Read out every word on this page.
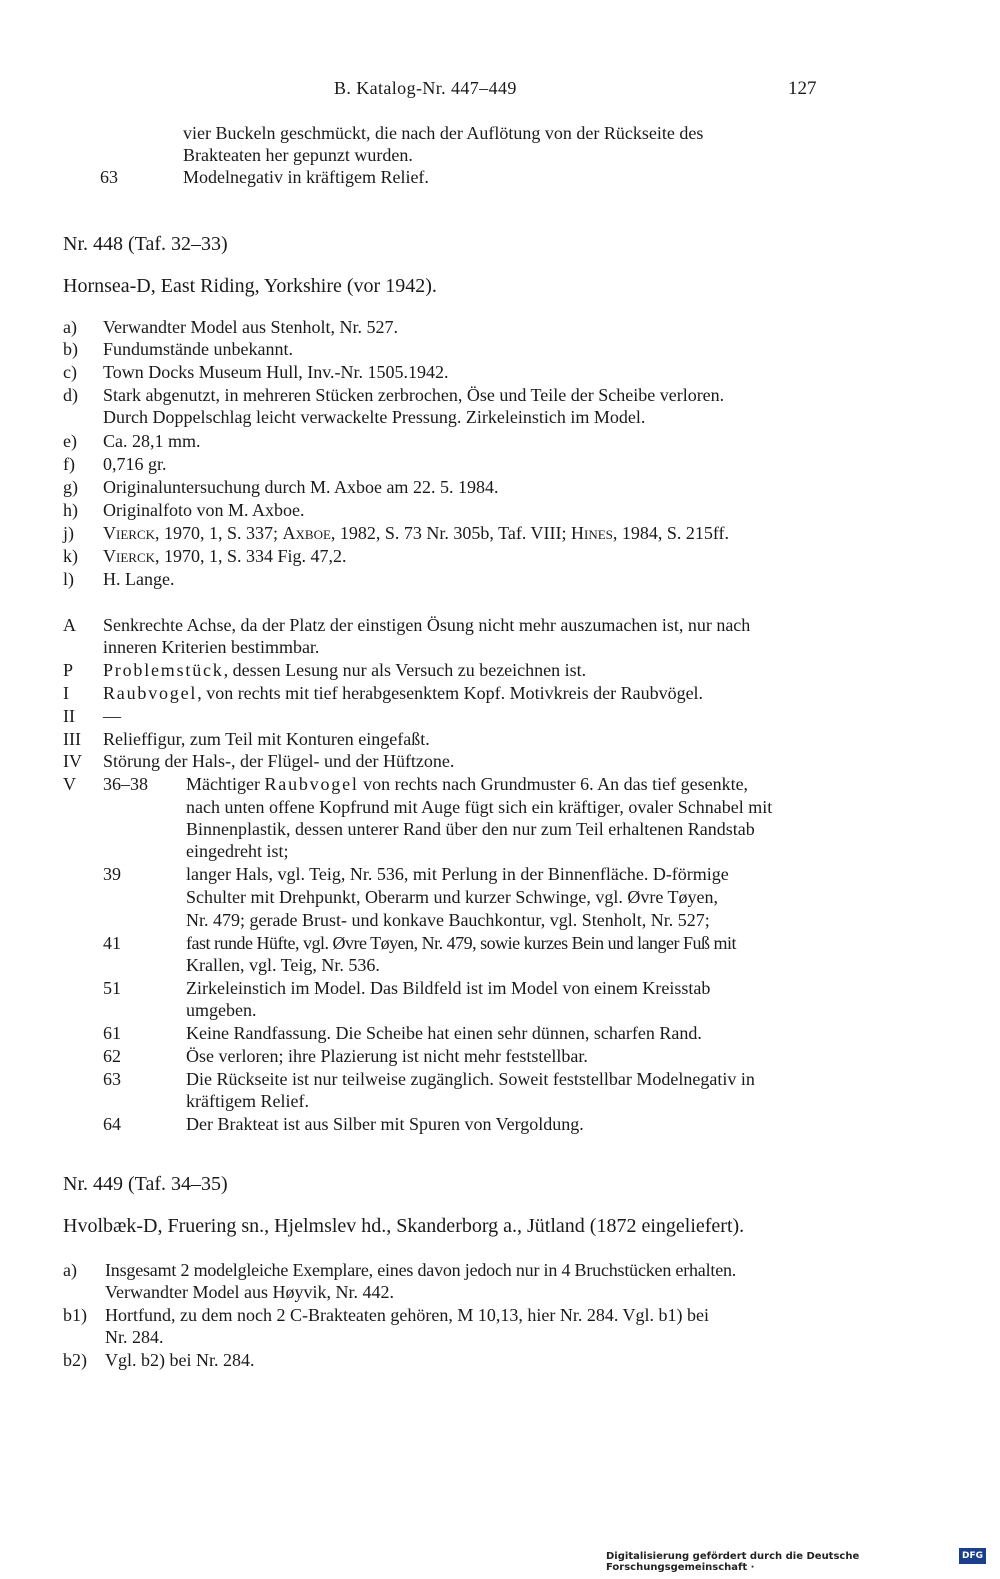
B. Katalog-Nr. 447–449	127
vier Buckeln geschmückt, die nach der Auflötung von der Rückseite des
Brakteaten her gepunzt wurden.
63	Modelnegativ in kräftigem Relief.
Nr. 448 (Taf. 32–33)
Hornsea-D, East Riding, Yorkshire (vor 1942).
a) Verwandter Model aus Stenholt, Nr. 527.
b) Fundumstände unbekannt.
c) Town Docks Museum Hull, Inv.-Nr. 1505.1942.
d) Stark abgenutzt, in mehreren Stücken zerbrochen, Öse und Teile der Scheibe verloren.
Durch Doppelschlag leicht verwackelte Pressung. Zirkeleinstich im Model.
e) Ca. 28,1 mm.
f) 0,716 gr.
g) Originaluntersuchung durch M. Axboe am 22. 5. 1984.
h) Originalfoto von M. Axboe.
j) Vierck, 1970, 1, S. 337; Axboe, 1982, S. 73 Nr. 305b, Taf. VIII; Hines, 1984, S. 215ff.
k) Vierck, 1970, 1, S. 334 Fig. 47,2.
l) H. Lange.
A Senkrechte Achse, da der Platz der einstigen Ösung nicht mehr auszumachen ist, nur nach
inneren Kriterien bestimmbar.
P Problemstück, dessen Lesung nur als Versuch zu bezeichnen ist.
I Raubvogel, von rechts mit tief herabgesenktem Kopf. Motivkreis der Raubvögel.
II —
III Relieffigur, zum Teil mit Konturen eingefaßt.
IV Störung der Hals-, der Flügel- und der Hüftzone.
V 36–38 Mächtiger Raubvogel von rechts nach Grundmuster 6. An das tief gesenkte,
nach unten offene Kopfrund mit Auge fügt sich ein kräftiger, ovaler Schnabel mit
Binnenplastik, dessen unterer Rand über den nur zum Teil erhaltenen Randstab
eingedreht ist;
39	langer Hals, vgl. Teig, Nr. 536, mit Perlung in der Binnenfläche. D-förmige
Schulter mit Drehpunkt, Oberarm und kurzer Schwinge, vgl. Øvre Tøyen,
Nr. 479; gerade Brust- und konkave Bauchkontur, vgl. Stenholt, Nr. 527;
41	fast runde Hüfte, vgl. Øvre Tøyen, Nr. 479, sowie kurzes Bein und langer Fuß mit
Krallen, vgl. Teig, Nr. 536.
51	Zirkeleinstich im Model. Das Bildfeld ist im Model von einem Kreisstab
umgeben.
61	Keine Randfassung. Die Scheibe hat einen sehr dünnen, scharfen Rand.
62	Öse verloren; ihre Plazierung ist nicht mehr feststellbar.
63	Die Rückseite ist nur teilweise zugänglich. Soweit feststellbar Modelnegativ in
kräftigem Relief.
64	Der Brakteat ist aus Silber mit Spuren von Vergoldung.
Nr. 449 (Taf. 34–35)
Hvolbæk-D, Fruering sn., Hjelmslev hd., Skanderborg a., Jütland (1872 eingeliefert).
a) Insgesamt 2 modelgleiche Exemplare, eines davon jedoch nur in 4 Bruchstücken erhalten.
Verwandter Model aus Høyvik, Nr. 442.
b1) Hortfund, zu dem noch 2 C-Brakteaten gehören, M 10,13, hier Nr. 284. Vgl. b1) bei
Nr. 284.
b2) Vgl. b2) bei Nr. 284.
Digitalisierung gefördert durch die Deutsche Forschungsgemeinschaft ·
DFG
